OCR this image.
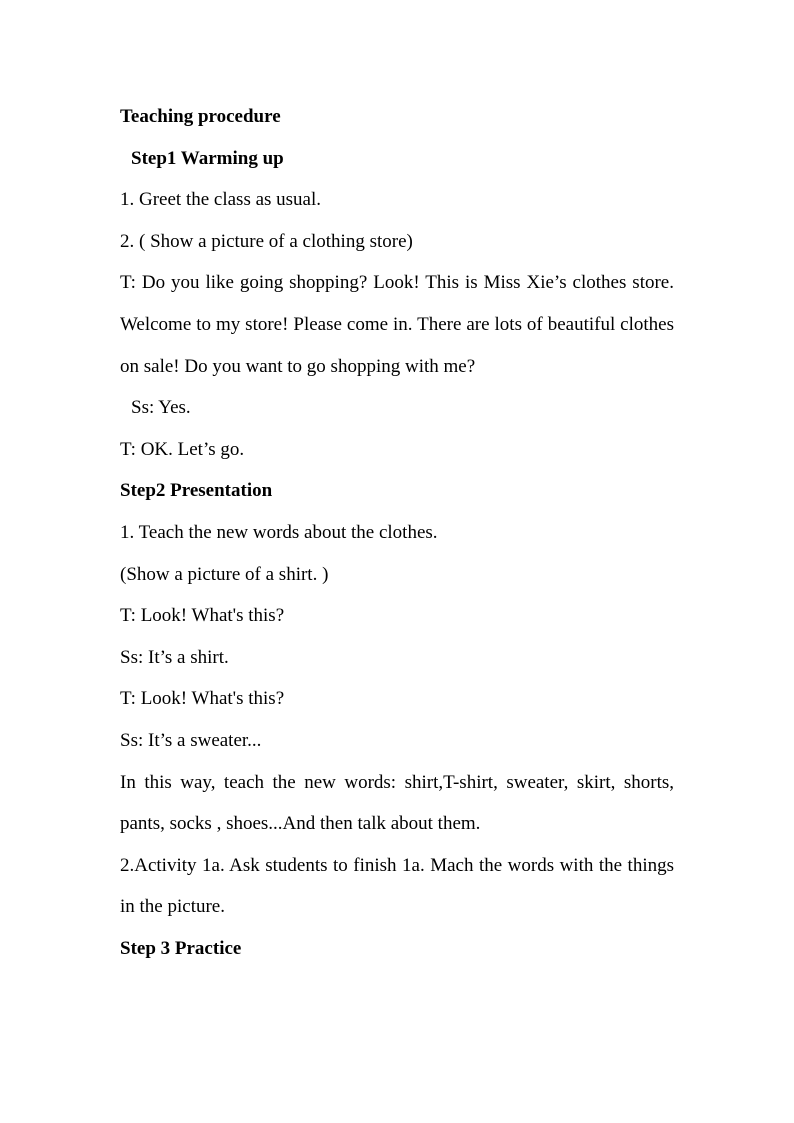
Teaching procedure
Step1 Warming up
1. Greet the class as usual.
2. ( Show a picture of a clothing store)
T: Do you like going shopping? Look! This is Miss Xie’s clothes store. Welcome to my store! Please come in. There are lots of beautiful clothes on sale! Do you want to go shopping with me?
Ss: Yes.
T: OK. Let’s go.
Step2 Presentation
1. Teach the new words about the clothes.
(Show a picture of a shirt. )
T: Look! What's this?
Ss: It’s a shirt.
T: Look! What's this?
Ss: It’s a sweater...
In this way, teach the new words: shirt,T-shirt, sweater, skirt, shorts, pants, socks , shoes...And then talk about them.
2.Activity 1a. Ask students to finish 1a. Mach the words with the things in the picture.
Step 3 Practice
